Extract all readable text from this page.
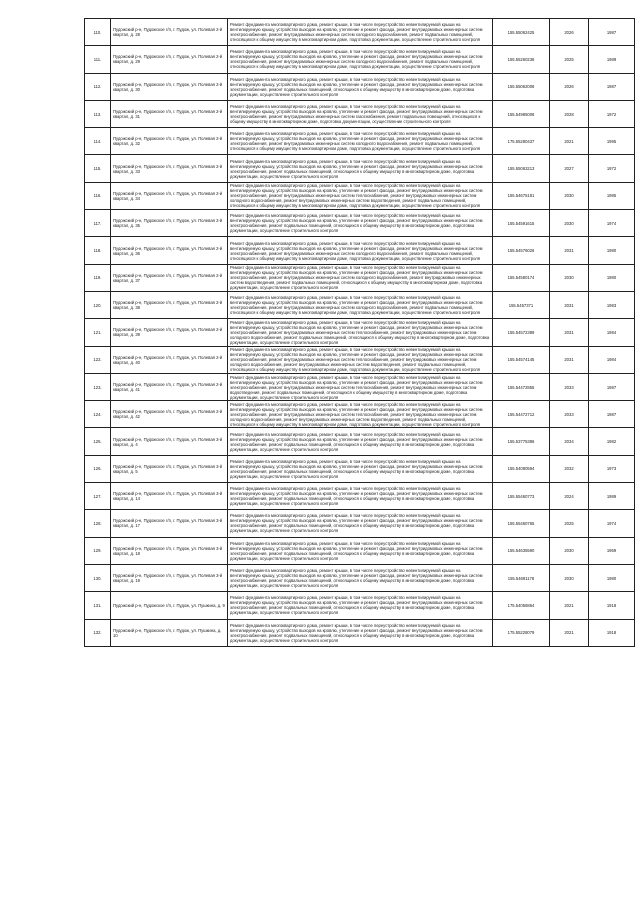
110.	Пудожский р-н, Пудожское г/п, г. Пудож, ул. Полевая 2-й квартал, д. 28	Ремонт фундамента многоквартирного дома, ремонт крыши, в том числе переустройство невентилируемой крыши на вентилируемую крышу, устройство выходов на кровлю, утепление и ремонт фасада, ремонт внутридомовых инженерных систем электроснабжения, ремонт внутридомовых инженерных систем холодного водоснабжения, ремонт подвальных помещений, относящихся к общему имуществу в многоквартирном доме, подготовка документации, осуществление строительного контроля	155.55062425	2026	1987
111.	Пудожский р-н, Пудожское г/п, г. Пудож, ул. Полевая 2-й квартал, д. 29	Ремонт фундамента многоквартирного дома, ремонт крыши, в том числе переустройство невентилируемой крыши на вентилируемую крышу, устройство выходов на кровлю, утепление и ремонт фасада, ремонт внутридомовых инженерных систем электроснабжения, ремонт внутридомовых инженерных систем холодного водоснабжения, ремонт подвальных помещений, относящихся к общему имуществу в многоквартирном доме, подготовка документации, осуществление строительного контроля	155.55260236	2025	1989
112.	Пудожский р-н, Пудожское г/п, г. Пудож, ул. Полевая 2-й квартал, д. 30	Ремонт фундамента многоквартирного дома, ремонт крыши, в том числе переустройство невентилируемой крыши на вентилируемую крышу, устройство выходов на кровлю, утепление и ремонт фасада, ремонт внутридомовых инженерных систем электроснабжения, ремонт подвальных помещений, относящихся к общему имуществу в многоквартирном доме, подготовка документации, осуществление строительного контроля	155.55062008	2026	1987
113.	Пудожский р-н, Пудожское г/п, г. Пудож, ул. Полевая 2-й квартал, д. 31	Ремонт фундамента многоквартирного дома, ремонт крыши, в том числе переустройство невентилируемой крыши на вентилируемую крышу, устройство выходов на кровлю, утепление и ремонт фасада, ремонт внутридомовых инженерных систем электроснабжения, ремонт внутридомовых инженерных систем газоснабжения, ремонт подвальных помещений, относящихся к общему имуществу в многоквартирном доме, подготовка документации, осуществление строительного контроля	155.54985008	2028	1972
114.	Пудожский р-н, Пудожское г/п, г. Пудож, ул. Полевая 2-й квартал, д. 32	Ремонт фундамента многоквартирного дома, ремонт крыши, в том числе переустройство невентилируемой крыши на вентилируемую крышу, устройство выходов на кровлю, утепление и ремонт фасада, ремонт внутридомовых инженерных систем электроснабжения, ремонт внутридомовых инженерных систем холодного водоснабжения, ремонт подвальных помещений, относящихся к общему имуществу в многоквартирном доме, подготовка документации, осуществление строительного контроля	175.55280437	2021	1995
115.	Пудожский р-н, Пудожское г/п, г. Пудож, ул. Полевая 2-й квартал, д. 33	Ремонт фундамента многоквартирного дома, ремонт крыши, в том числе переустройство невентилируемой крыши на вентилируемую крышу, устройство выходов на кровлю, утепление и ремонт фасада, ремонт внутридомовых инженерных систем электроснабжения, ремонт подвальных помещений, относящихся к общему имуществу в многоквартирном доме, подготовка документации, осуществление строительного контроля	155.55063213	2027	1972
116.	Пудожский р-н, Пудожское г/п, г. Пудож, ул. Полевая 2-й квартал, д. 34	Ремонт фундамента многоквартирного дома, ремонт крыши, в том числе переустройство невентилируемой крыши на вентилируемую крышу, устройство выходов на кровлю, утепление и ремонт фасада, ремонт внутридомовых инженерных систем электроснабжения, ремонт внутридомовых инженерных систем теплоснабжения, ремонт внутридомовых инженерных систем холодного водоснабжения, ремонт внутридомовых инженерных систем водоотведения, ремонт подвальных помещений, относящихся к общему имуществу в многоквартирном доме, подготовка документации, осуществление строительного контроля	155.54675181	2030	1985
117.	Пудожский р-н, Пудожское г/п, г. Пудож, ул. Полевая 2-й квартал, д. 35	Ремонт фундамента многоквартирного дома, ремонт крыши, в том числе переустройство невентилируемой крыши на вентилируемую крышу, устройство выходов на кровлю, утепление и ремонт фасада, ремонт внутридомовых инженерных систем электроснабжения, ремонт подвальных помещений, относящихся к общему имуществу в многоквартирном доме, подготовка документации, осуществление строительного контроля	155.54591615	2030	1974
118.	Пудожский р-н, Пудожское г/п, г. Пудож, ул. Полевая 2-й квартал, д. 36	Ремонт фундамента многоквартирного дома, ремонт крыши, в том числе переустройство невентилируемой крыши на вентилируемую крышу, устройство выходов на кровлю, утепление и ремонт фасада, ремонт внутридомовых инженерных систем электроснабжения, ремонт внутридомовых инженерных систем холодного водоснабжения, ремонт подвальных помещений, относящихся к общему имуществу в многоквартирном доме, подготовка документации, осуществление строительного контроля	155.54576026	2031	1980
119.	Пудожский р-н, Пудожское г/п, г. Пудож, ул. Полевая 2-й квартал, д. 37	Ремонт фундамента многоквартирного дома, ремонт крыши, в том числе переустройство невентилируемой крыши на вентилируемую крышу, устройство выходов на кровлю, утепление и ремонт фасада, ремонт внутридомовых инженерных систем электроснабжения, ремонт внутридомовых инженерных систем холодного водоснабжения, ремонт внутридомовых инженерных систем водоотведения, ремонт подвальных помещений, относящихся к общему имуществу в многоквартирном доме, подготовка документации, осуществление строительного контроля	155.54580174	2030	1980
120.	Пудожский р-н, Пудожское г/п, г. Пудож, ул. Полевая 2-й квартал, д. 38	Ремонт фундамента многоквартирного дома, ремонт крыши, в том числе переустройство невентилируемой крыши на вентилируемую крышу, устройство выходов на кровлю, утепление и ремонт фасада, ремонт внутридомовых инженерных систем электроснабжения, ремонт внутридомовых инженерных систем холодного водоснабжения, ремонт подвальных помещений, относящихся к общему имуществу в многоквартирном доме, подготовка документации, осуществление строительного контроля	155.5457371	2031	1983
121.	Пудожский р-н, Пудожское г/п, г. Пудож, ул. Полевая 2-й квартал, д. 39	Ремонт фундамента многоквартирного дома, ремонт крыши, в том числе переустройство невентилируемой крыши на вентилируемую крышу, устройство выходов на кровлю, утепление и ремонт фасада, ремонт внутридомовых инженерных систем электроснабжения, ремонт внутридомовых инженерных систем теплоснабжения, ремонт внутридомовых инженерных систем холодного водоснабжения, ремонт подвальных помещений, относящихся к общему имуществу в многоквартирном доме, подготовка документации, осуществление строительного контроля	155.54572389	2031	1984
122.	Пудожский р-н, Пудожское г/п, г. Пудож, ул. Полевая 2-й квартал, д. 40	Ремонт фундамента многоквартирного дома, ремонт крыши, в том числе переустройство невентилируемой крыши на вентилируемую крышу, устройство выходов на кровлю, утепление и ремонт фасада, ремонт внутридомовых инженерных систем электроснабжения, ремонт внутридомовых инженерных систем теплоснабжения, ремонт внутридомовых инженерных систем холодного водоснабжения, ремонт внутридомовых инженерных систем водоотведения, ремонт подвальных помещений, относящихся к общему имуществу в многоквартирном доме, подготовка документации, осуществление строительного контроля	155.54574145	2031	1984
123.	Пудожский р-н, Пудожское г/п, г. Пудож, ул. Полевая 2-й квартал, д. 41	Ремонт фундамента многоквартирного дома, ремонт крыши, в том числе переустройство невентилируемой крыши на вентилируемую крышу, устройство выходов на кровлю, утепление и ремонт фасада, ремонт внутридомовых инженерных систем электроснабжения, ремонт внутридомовых инженерных систем теплоснабжения, ремонт внутридомовых инженерных систем водоотведения, ремонт подвальных помещений, относящихся к общему имуществу в многоквартирном доме, подготовка документации, осуществление строительного контроля	155.54472855	2033	1987
124.	Пудожский р-н, Пудожское г/п, г. Пудож, ул. Полевая 2-й квартал, д. 42	Ремонт фундамента многоквартирного дома, ремонт крыши, в том числе переустройство невентилируемой крыши на вентилируемую крышу, устройство выходов на кровлю, утепление и ремонт фасада, ремонт внутридомовых инженерных систем электроснабжения, ремонт внутридомовых инженерных систем теплоснабжения, ремонт внутридомовых инженерных систем холодного водоснабжения, ремонт внутридомовых инженерных систем водоотведения, ремонт подвальных помещений, относящихся к общему имуществу в многоквартирном доме, подготовка документации, осуществление строительного контроля	155.54472712	2033	1987
125.	Пудожский р-н, Пудожское г/п, г. Пудож, ул. Полевая 3-й квартал, д. 4	Ремонт фундамента многоквартирного дома, ремонт крыши, в том числе переустройство невентилируемой крыши на вентилируемую крышу, устройство выходов на кровлю, утепление и ремонт фасада, ремонт внутридомовых инженерных систем электроснабжения, ремонт подвальных помещений, относящихся к общему имуществу в многоквартирном доме, подготовка документации, осуществление строительного контроля	155.53775386	2034	1982
126.	Пудожский р-н, Пудожское г/п, г. Пудож, ул. Полевая 3-й квартал, д. 5	Ремонт фундамента многоквартирного дома, ремонт крыши, в том числе переустройство невентилируемой крыши на вентилируемую крышу, устройство выходов на кровлю, утепление и ремонт фасада, ремонт внутридомовых инженерных систем электроснабжения, ремонт подвальных помещений, относящихся к общему имуществу в многоквартирном доме, подготовка документации, осуществление строительного контроля	155.54080594	2032	1973
127.	Пудожский р-н, Пудожское г/п, г. Пудож, ул. Полевая 3-й квартал, д. 14	Ремонт фундамента многоквартирного дома, ремонт крыши, в том числе переустройство невентилируемой крыши на вентилируемую крышу, устройство выходов на кровлю, утепление и ремонт фасада, ремонт внутридомовых инженерных систем электроснабжения, ремонт подвальных помещений, относящихся к общему имуществу в многоквартирном доме, подготовка документации, осуществление строительного контроля	155.55460773	2024	1989
128.	Пудожский р-н, Пудожское г/п, г. Пудож, ул. Полевая 3-й квартал, д. 17	Ремонт фундамента многоквартирного дома, ремонт крыши, в том числе переустройство невентилируемой крыши на вентилируемую крышу, устройство выходов на кровлю, утепление и ремонт фасада, ремонт внутридомовых инженерных систем электроснабжения, ремонт подвальных помещений, относящихся к общему имуществу в многоквартирном доме, подготовка документации, осуществление строительного контроля	155.55460765	2025	1974
129.	Пудожский р-н, Пудожское г/п, г. Пудож, ул. Полевая 3-й квартал, д. 18	Ремонт фундамента многоквартирного дома, ремонт крыши, в том числе переустройство невентилируемой крыши на вентилируемую крышу, устройство выходов на кровлю, утепление и ремонт фасада, ремонт внутридомовых инженерных систем электроснабжения, ремонт подвальных помещений, относящихся к общему имуществу в многоквартирном доме, подготовка документации, осуществление строительного контроля	155.54635590	2030	1969
130.	Пудожский р-н, Пудожское г/п, г. Пудож, ул. Полевая 3-й квартал, д. 19	Ремонт фундамента многоквартирного дома, ремонт крыши, в том числе переустройство невентилируемой крыши на вентилируемую крышу, устройство выходов на кровлю, утепление и ремонт фасада, ремонт внутридомовых инженерных систем электроснабжения, ремонт подвальных помещений, относящихся к общему имуществу в многоквартирном доме, подготовка документации, осуществление строительного контроля	155.54691178	2030	1980
131.	Пудожский р-н, Пудожское г/п, г. Пудож, ул. Пушкина, д. 9	Ремонт фундамента многоквартирного дома, ремонт крыши, в том числе переустройство невентилируемой крыши на вентилируемую крышу, устройство выходов на кровлю, утепление и ремонт фасада, ремонт внутридомовых инженерных систем электроснабжения, ремонт подвальных помещений, относящихся к общему имуществу в многоквартирном доме, подготовка документации, осуществление строительного контроля	175.54056864	2021	1918
132.	Пудожский р-н, Пудожское г/п, г. Пудож, ул. Пушкина, д. 10	Ремонт фундамента многоквартирного дома, ремонт крыши, в том числе переустройство невентилируемой крыши на вентилируемую крышу, устройство выходов на кровлю, утепление и ремонт фасада, ремонт внутридомовых инженерных систем электроснабжения, ремонт подвальных помещений, относящихся к общему имуществу в многоквартирном доме, подготовка документации, осуществление строительного контроля	175.55228079	2021	1918
